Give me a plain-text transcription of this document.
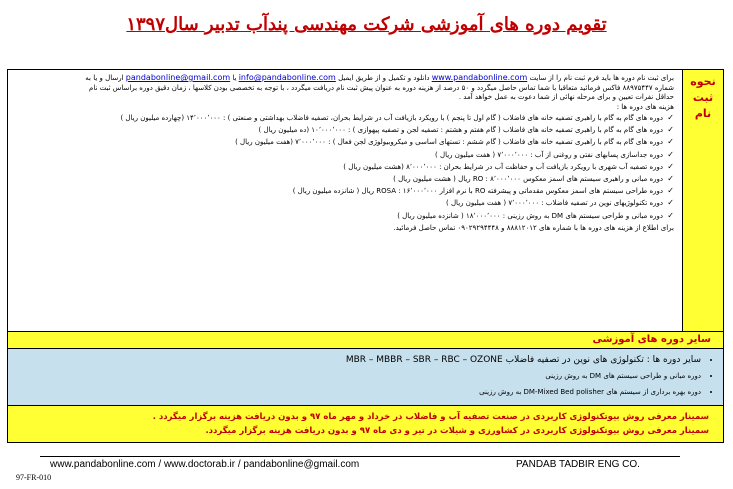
تقویم دوره های آموزشی شرکت مهندسی پندآب تدبیر سال۱۳۹۷
نحوه ثبت نام

برای ثبت نام دوره ها باید فرم ثبت نام را از سایت www.pandabonline.com دانلود و تکمیل و از طریق ایمیل info@pandabonline.com یا pandabonline@gmail.com ارسال و یا به

شماره ۸۸۹۷۵۴۴۷ فاکس فرمائید متعاقبا با شما تماس حاصل میگردد و ۵۰ درصد از هزینه دوره به عنوان پیش ثبت نام دریافت میگردد ، با توجه به تخصصی بودن کلاسها ، زمان دقیق دوره براساس ثبت نام

حداقل نفرات تعیین و برای مرحله نهائی از شما دعوت به عمل خواهد آمد .

هزینه های دوره ها :

✓
دوره های گام به گام با راهبری تصفیه خانه های فاضلاب ( گام اول تا پنجم ) با رویکرد بازیافت آب در شرایط بحران، تصفیه فاضلاب بهداشتی و صنعتی ) : ۱۴٬۰۰۰٬۰۰۰ (چهارده میلیون ریال )
✓
دوره های گام به گام با راهبری تصفیه خانه های فاضلاب ( گام هفتم و هشتم : تصفیه لجن و تصفیه پیهوازی ) : ۱۰٬۰۰۰٬۰۰۰ (ده میلیون ریال )
✓
دوره های گام به گام با راهبری تصفیه خانه های فاضلاب ( گام ششم : تستهای اساسی و میکروبیولوژی لجن فعال ) : ۷٬۰۰۰٬۰۰۰ (هفت میلیون ریال )
✓
دوره جداسازی پسابهای نفتی و روغنی از آب : ۷٬۰۰۰٬۰۰۰ ( هفت میلیون ریال )
✓
دوره تصفیه آب شهری با رویکرد بازیافت آب و حفاظت آب در شرایط بحران : ۸٬۰۰۰٬۰۰۰ (هشت میلیون ریال )
✓
دوره مبانی و راهبری سیستم های اسمز معکوس RO : ۸٬۰۰۰٬۰۰۰ ریال ( هشت میلیون ریال )
✓
دوره طراحی سیستم های اسمز معکوس مقدماتی و پیشرفته RO با نرم افزار ROSA : ۱۶٬۰۰۰٬۰۰۰ ریال ( شانزده میلیون ریال )
✓
دوره تکنولوژیهای نوین در تصفیه فاضلاب : ۷٬۰۰۰٬۰۰۰ ( هفت میلیون ریال )
✓
دوره مبانی و طراحی سیستم های DM به روش رزینی : ۱۸٬۰۰۰٬۰۰۰ ( شانزده میلیون ریال )

برای اطلاع از هزینه های دوره ها با شماره های ۸۸۸۱۲۰۱۲ و ۰۹۰۲۹۲۹۴۴۴۸ تماس حاصل فرمائید.

سایر دوره های آموزشی
• سایر دوره ها : تکنولوژی های نوین در تصفیه فاضلاب MBR – MBBR – SBR – RBC – OZONE
• دوره مبانی و طراحی سیستم های DM به روش رزینی
• دوره بهره برداری از سیستم های DM-Mixed Bed polisher به روش رزینی
سمینار معرفی روش بیوتکنولوژی کاربردی در صنعت تصفیه آب و فاضلاب در خرداد و مهر ماه ۹۷ و بدون دریافت هزینه برگزار میگردد .
سمینار معرفی روش بیوتکنولوژی کاربردی در کشاورزی و شیلات در تیر و دی ماه ۹۷ و بدون دریافت هزینه برگزار میگردد.
www.pandabonline.com / www.doctorab.ir / pandabonline@gmail.com	PANDAB TADBIR ENG CO.
97-FR-010
